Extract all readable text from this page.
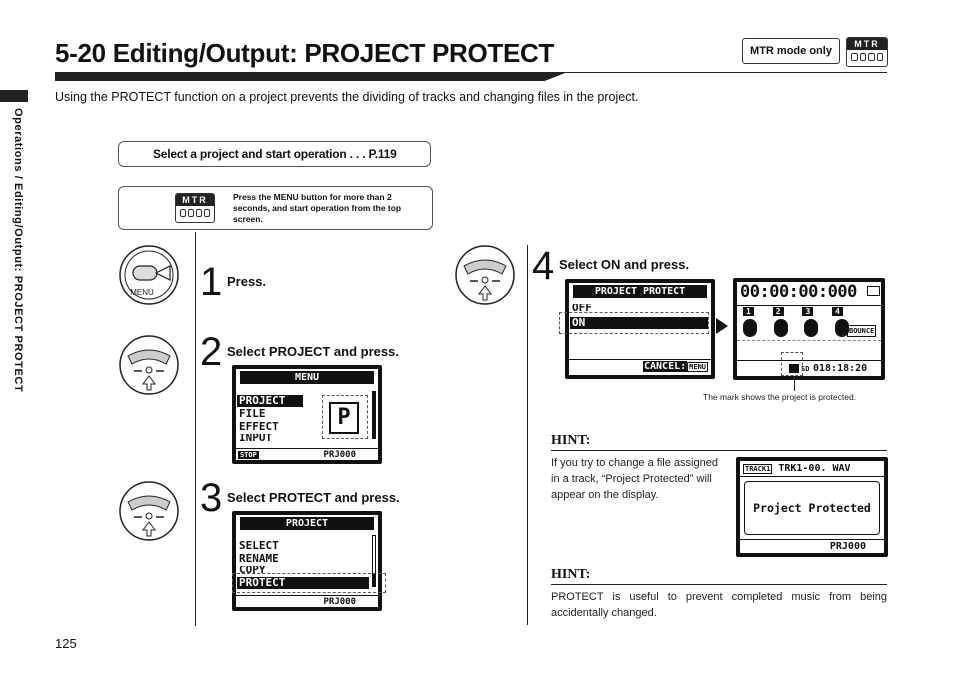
5-20 Editing/Output: PROJECT PROTECT	MTR mode only
MTR
Operations / Editing/Output: PROJECT PROTECT
Using the PROTECT function on a project prevents the dividing of tracks and changing files in the project.
Select a project and start operation . . . P.119
MTR	Press the MENU button for more than 2 seconds, and start operation from the top screen.
MENU 1 Press.
2 Select PROJECT and press.
MENU
PROJECT
FILE
EFFECT
INPUT
P
STOP	PRJ000
3 Select PROTECT and press.
PROJECT
SELECT
RENAME
COPY
PROTECT
PRJ000
4 Select ON and press.
PROJECT PROTECT
OFF
ON
CANCEL: MENU
00:00:00:000
1	2	3	4
BOUNCE
SD 018:18:20
The mark shows the project is protected.
HINT:
If you try to change a file assigned in a track, “Project Protected” will appear on the display.
TRACK1 TRK1-00. WAV
Project Protected
PRJ000
HINT:
PROTECT is useful to prevent completed music from being accidentally changed.
125
